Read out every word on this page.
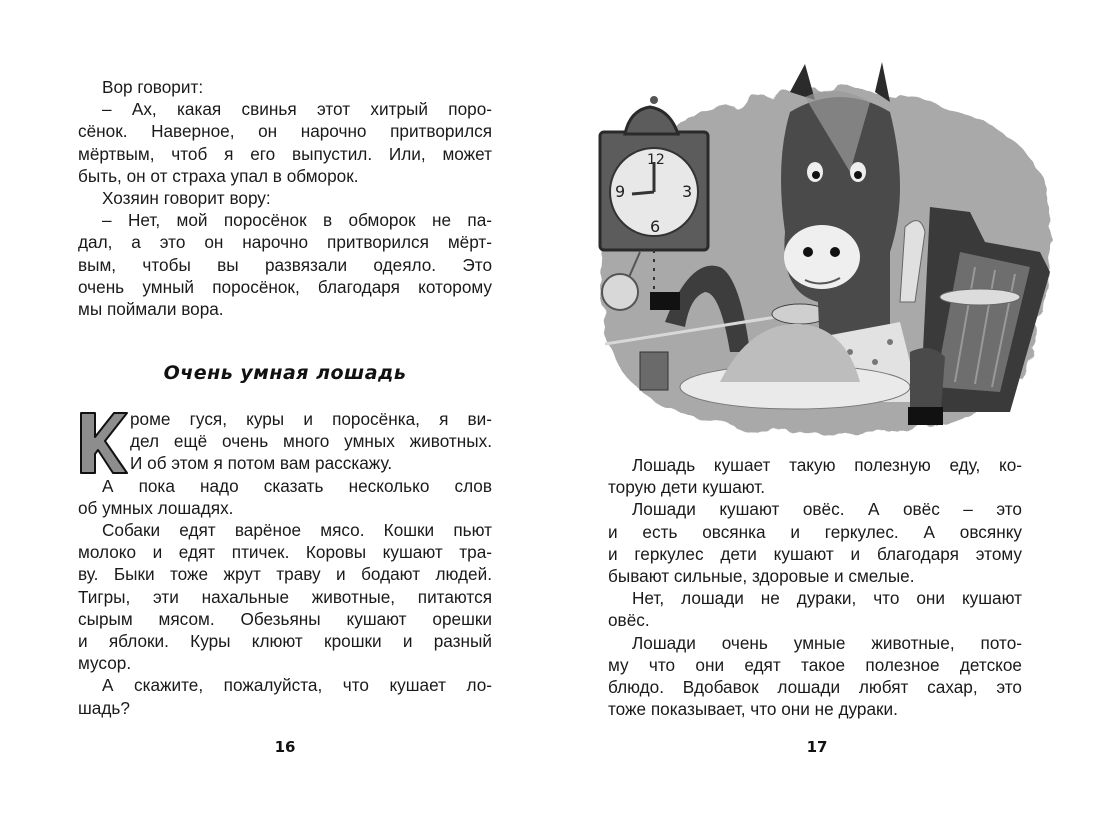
Вор говорит:
– Ах, какая свинья этот хитрый поро-
сёнок. Наверное, он нарочно притворился
мёртвым, чтоб я его выпустил. Или, может
быть, он от страха упал в обморок.
Хозяин говорит вору:
– Нет, мой поросёнок в обморок не па-
дал, а это он нарочно притворился мёрт-
вым, чтобы вы развязали одеяло. Это
очень умный поросёнок, благодаря которому
мы поймали вора.
Очень умная лошадь
роме гуся, куры и поросёнка, я ви-
дел ещё очень много умных животных.
И об этом я потом вам расскажу.
А пока надо сказать несколько слов
об умных лошадях.
Собаки едят варёное мясо. Кошки пьют
молоко и едят птичек. Коровы кушают тра-
ву. Быки тоже жрут траву и бодают людей.
Тигры, эти нахальные животные, питаются
сырым мясом. Обезьяны кушают орешки
и яблоки. Куры клюют крошки и разный
мусор.
А скажите, пожалуйста, что кушает ло-
шадь?
16
12
3
6
9
Лошадь кушает такую полезную еду, ко-
торую дети кушают.
Лошади кушают овёс. А овёс – это
и есть овсянка и геркулес. А овсянку
и геркулес дети кушают и благодаря этому
бывают сильные, здоровые и смелые.
Нет, лошади не дураки, что они кушают
овёс.
Лошади очень умные животные, пото-
му что они едят такое полезное детское
блюдо. Вдобавок лошади любят сахар, это
тоже показывает, что они не дураки.
17
